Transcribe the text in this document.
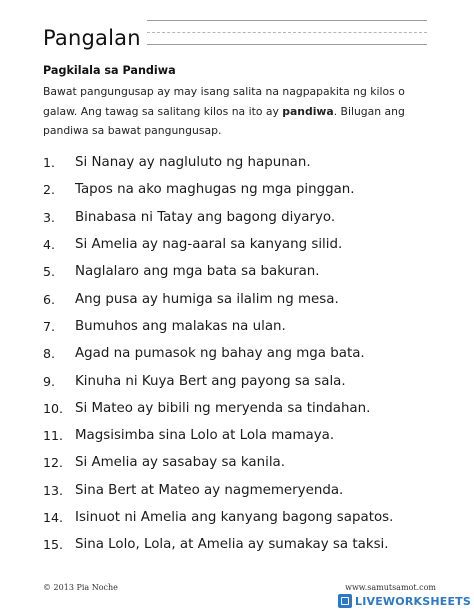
Pangalan
Pagkilala sa Pandiwa
Bawat pangungusap ay may isang salita na nagpapakita ng kilos o galaw. Ang tawag sa salitang kilos na ito ay pandiwa. Bilugan ang pandiwa sa bawat pangungusap.
1.	Si Nanay ay nagluluto ng hapunan.
2.	Tapos na ako maghugas ng mga pinggan.
3.	Binabasa ni Tatay ang bagong diyaryo.
4.	Si Amelia ay nag-aaral sa kanyang silid.
5.	Naglalaro ang mga bata sa bakuran.
6.	Ang pusa ay humiga sa ilalim ng mesa.
7.	Bumuhos ang malakas na ulan.
8.	Agad na pumasok ng bahay ang mga bata.
9.	Kinuha ni Kuya Bert ang payong sa sala.
10. Si Mateo ay bibili ng meryenda sa tindahan.
11. Magsisimba sina Lolo at Lola mamaya.
12. Si Amelia ay sasabay sa kanila.
13. Sina Bert at Mateo ay nagmemeryenda.
14. Isinuot ni Amelia ang kanyang bagong sapatos.
15. Sina Lolo, Lola, at Amelia ay sumakay sa taksi.
© 2013 Pia Noche	www.samutsamot.com
LIVEWORKSHEETS
